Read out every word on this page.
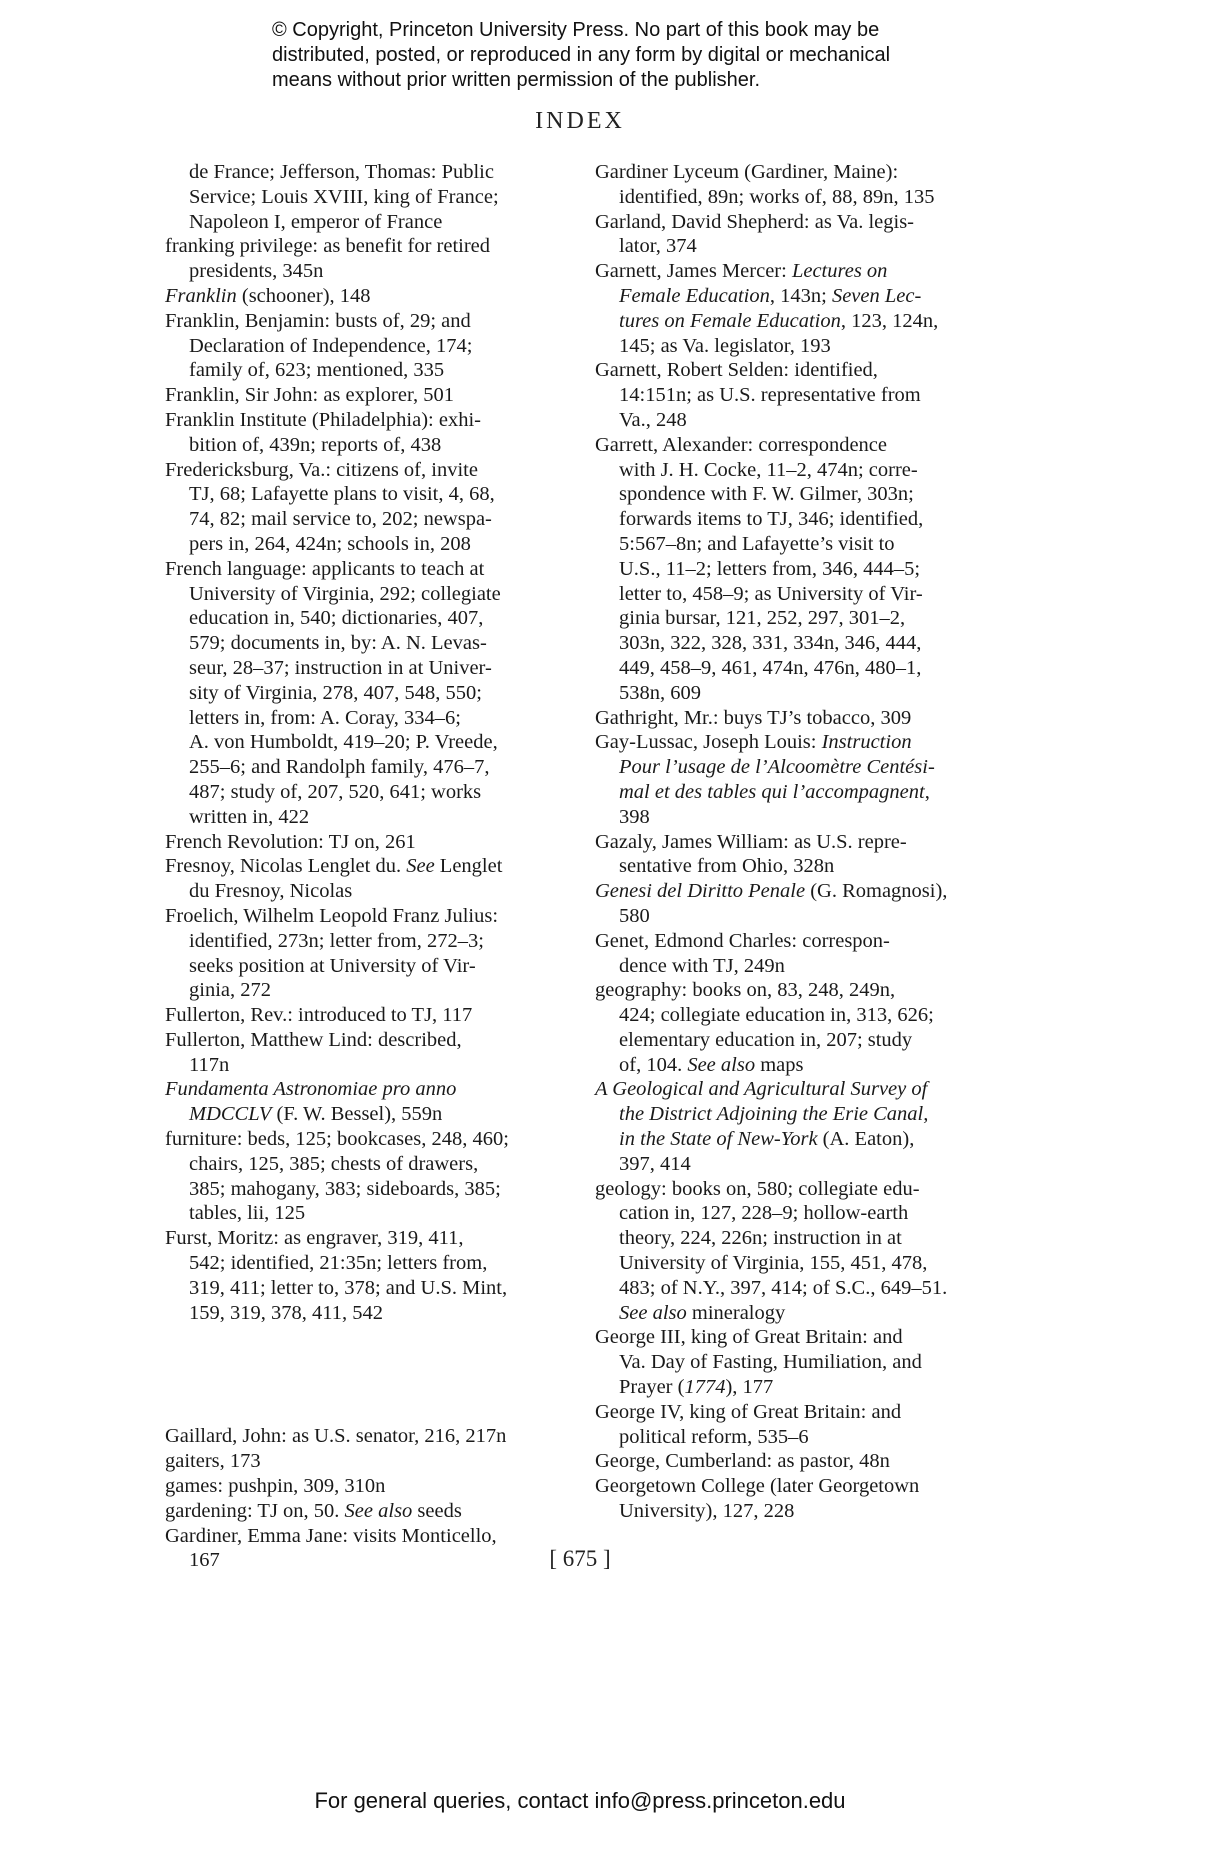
© Copyright, Princeton University Press. No part of this book may be
distributed, posted, or reproduced in any form by digital or mechanical
means without prior written permission of the publisher.
INDEX

de France; Jefferson, Thomas: Public
Service; Louis XVIII, king of France;
Napoleon I, emperor of France

franking privilege: as benefit for retired
presidents, 345n

Franklin (schooner), 148

Franklin, Benjamin: busts of, 29; and
Declaration of Independence, 174;
family of, 623; mentioned, 335

Franklin, Sir John: as explorer, 501

Franklin Institute (Philadelphia): exhi-
bition of, 439n; reports of, 438

Fredericksburg, Va.: citizens of, invite
TJ, 68; Lafayette plans to visit, 4, 68,
74, 82; mail service to, 202; newspa-
pers in, 264, 424n; schools in, 208

French language: applicants to teach at
University of Virginia, 292; collegiate
education in, 540; dictionaries, 407,
579; documents in, by: A. N. Levas-
seur, 28–37; instruction in at Univer-
sity of Virginia, 278, 407, 548, 550;
letters in, from: A. Coray, 334–6;
A. von Humboldt, 419–20; P. Vreede,
255–6; and Randolph family, 476–7,
487; study of, 207, 520, 641; works
written in, 422

French Revolution: TJ on, 261

Fresnoy, Nicolas Lenglet du. See Lenglet
du Fresnoy, Nicolas

Froelich, Wilhelm Leopold Franz Julius:
identified, 273n; letter from, 272–3;
seeks position at University of Vir-
ginia, 272

Fullerton, Rev.: introduced to TJ, 117

Fullerton, Matthew Lind: described,
117n

Fundamenta Astronomiae pro anno
MDCCLV (F. W. Bessel), 559n

furniture: beds, 125; bookcases, 248, 460;
chairs, 125, 385; chests of drawers,
385; mahogany, 383; sideboards, 385;
tables, lii, 125

Furst, Moritz: as engraver, 319, 411,
542; identified, 21:35n; letters from,
319, 411; letter to, 378; and U.S. Mint,
159, 319, 378, 411, 542

Gaillard, John: as U.S. senator, 216, 217n

gaiters, 173

games: pushpin, 309, 310n

gardening: TJ on, 50. See also seeds

Gardiner, Emma Jane: visits Monticello,
167

Gardiner Lyceum (Gardiner, Maine):
identified, 89n; works of, 88, 89n, 135

Garland, David Shepherd: as Va. legis-
lator, 374

Garnett, James Mercer: Lectures on
Female Education, 143n; Seven Lec-
tures on Female Education, 123, 124n,
145; as Va. legislator, 193

Garnett, Robert Selden: identified,
14:151n; as U.S. representative from
Va., 248

Garrett, Alexander: correspondence
with J. H. Cocke, 11–2, 474n; corre-
spondence with F. W. Gilmer, 303n;
forwards items to TJ, 346; identified,
5:567–8n; and Lafayette’s visit to
U.S., 11–2; letters from, 346, 444–5;
letter to, 458–9; as University of Vir-
ginia bursar, 121, 252, 297, 301–2,
303n, 322, 328, 331, 334n, 346, 444,
449, 458–9, 461, 474n, 476n, 480–1,
538n, 609

Gathright, Mr.: buys TJ’s tobacco, 309

Gay-Lussac, Joseph Louis: Instruction
Pour l’usage de l’Alcoomètre Centési-
mal et des tables qui l’accompagnent,
398

Gazaly, James William: as U.S. repre-
sentative from Ohio, 328n

Genesi del Diritto Penale (G. Romagnosi),
580

Genet, Edmond Charles: correspon-
dence with TJ, 249n

geography: books on, 83, 248, 249n,
424; collegiate education in, 313, 626;
elementary education in, 207; study
of, 104. See also maps

A Geological and Agricultural Survey of
the District Adjoining the Erie Canal,
in the State of New-York (A. Eaton),
397, 414

geology: books on, 580; collegiate edu-
cation in, 127, 228–9; hollow-earth
theory, 224, 226n; instruction in at
University of Virginia, 155, 451, 478,
483; of N.Y., 397, 414; of S.C., 649–51.
See also mineralogy

George III, king of Great Britain: and
Va. Day of Fasting, Humiliation, and
Prayer (1774), 177

George IV, king of Great Britain: and
political reform, 535–6

George, Cumberland: as pastor, 48n

Georgetown College (later Georgetown
University), 127, 228

[ 675 ]
For general queries, contact info@press.princeton.edu
